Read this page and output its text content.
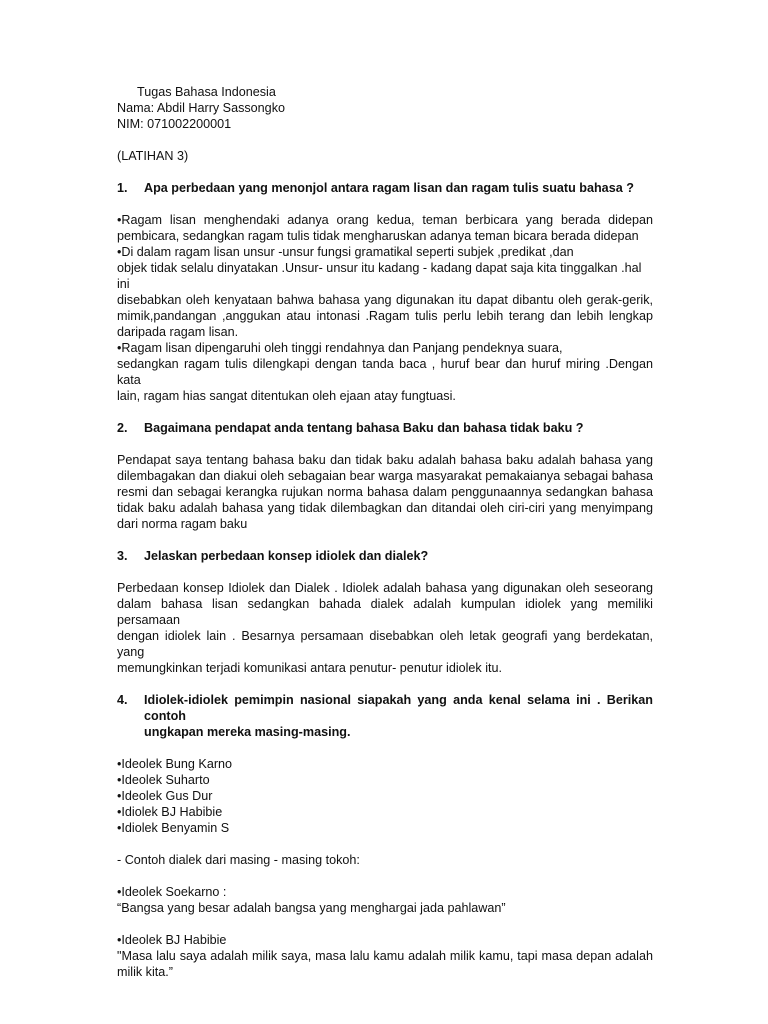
Tugas Bahasa Indonesia

Nama: Abdil Harry Sassongko

NIM: 071002200001

(LATIHAN 3)

1.	Apa perbedaan yang menonjol antara ragam lisan dan ragam tulis suatu bahasa ?

•Ragam lisan menghendaki adanya orang kedua, teman berbicara yang berada didepan

pembicara, sedangkan ragam tulis tidak mengharuskan adanya teman bicara berada didepan

•Di dalam ragam lisan unsur -unsur fungsi gramatikal seperti subjek ,predikat ,dan

objek tidak selalu dinyatakan .Unsur- unsur itu kadang - kadang dapat saja kita tinggalkan .hal ini

disebabkan oleh kenyataan bahwa bahasa yang digunakan itu dapat dibantu oleh gerak-gerik,

mimik,pandangan ,anggukan atau intonasi .Ragam tulis perlu lebih terang dan lebih lengkap

daripada ragam lisan.

•Ragam lisan dipengaruhi oleh tinggi rendahnya dan Panjang pendeknya suara,

sedangkan ragam tulis dilengkapi dengan tanda baca , huruf bear dan huruf miring .Dengan kata

lain, ragam hias sangat ditentukan oleh ejaan atay fungtuasi.

2.	Bagaimana pendapat anda tentang bahasa Baku dan bahasa tidak baku ?

Pendapat saya tentang bahasa baku dan tidak baku adalah bahasa baku adalah bahasa yang

dilembagakan dan diakui oleh sebagaian bear warga masyarakat pemakaianya sebagai bahasa

resmi dan sebagai kerangka rujukan norma bahasa dalam penggunaannya sedangkan bahasa

tidak baku adalah bahasa yang tidak dilembagkan dan ditandai oleh ciri-ciri yang menyimpang

dari norma ragam baku

3.	Jelaskan perbedaan konsep idiolek dan dialek?

Perbedaan konsep Idiolek dan Dialek . Idiolek adalah bahasa yang digunakan oleh seseorang

dalam bahasa lisan sedangkan bahada dialek adalah kumpulan idiolek yang memiliki persamaan

dengan idiolek lain . Besarnya persamaan disebabkan oleh letak geografi yang berdekatan, yang

memungkinkan terjadi komunikasi antara penutur- penutur idiolek itu.

4.	Idiolek-idiolek pemimpin nasional siapakah yang anda kenal selama ini . Berikan contoh
ungkapan mereka masing-masing.

•Ideolek Bung Karno

•Ideolek Suharto

•Ideolek Gus Dur

•Idiolek BJ Habibie

•Idiolek Benyamin S

- Contoh dialek dari masing - masing tokoh:

•Ideolek Soekarno :

“Bangsa yang besar adalah bangsa yang menghargai jada pahlawan”

•Ideolek BJ Habibie

"Masa lalu saya adalah milik saya, masa lalu kamu adalah milik kamu, tapi masa depan adalah

milik kita.”
